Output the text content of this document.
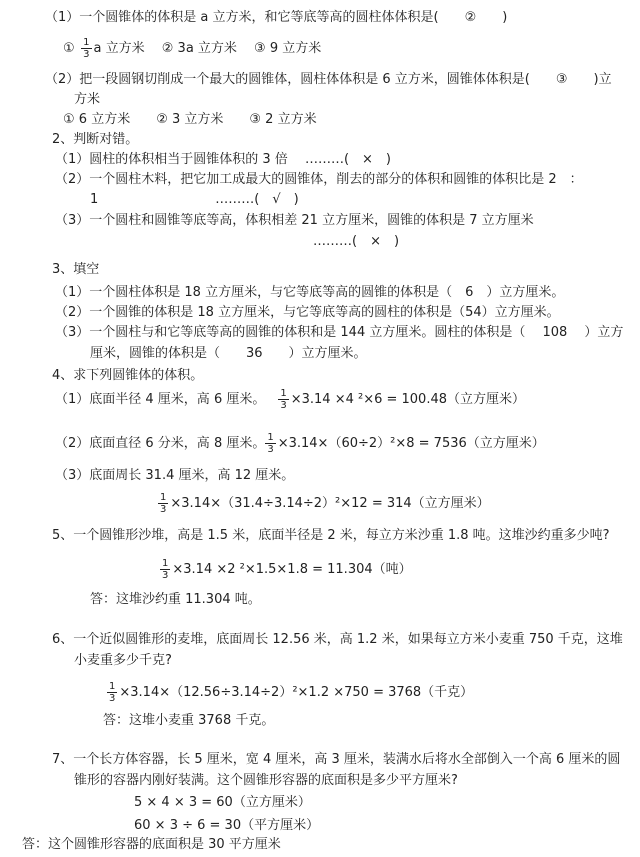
（1）一个圆锥体的体积是 a 立方米，和它等底等高的圆柱体体积是(　　②　　)
①  $\frac{1}{3}$ a 立方米　 ② 3a 立方米　 ③ 9 立方米
（2）把一段圆钢切削成一个最大的圆锥体，圆柱体体积是 6 立方米，圆锥体体积是(　　③　　)立
方米
① 6 立方米　　② 3 立方米　　③ 2 立方米
2、判断对错。
（1）圆柱的体积相当于圆锥体积的 3 倍　 ………(　×　)
（2）一个圆柱木料，把它加工成最大的圆锥体，削去的部分的体积和圆锥的体积比是 2　：
1　　　　　　　　　………(　√　)
（3）一个圆柱和圆锥等底等高，体积相差 21 立方厘米，圆锥的体积是 7 立方厘米
………(　×　)
3、填空
（1）一个圆柱体积是 18 立方厘米，与它等底等高的圆锥的体积是（　6　）立方厘米。
（2）一个圆锥的体积是 18 立方厘米，与它等底等高的圆柱的体积是（54）立方厘米。
（3）一个圆柱与和它等底等高的圆锥的体积和是 144 立方厘米。圆柱的体积是（　 108　 ）立方
厘米，圆锥的体积是（　　36　　）立方厘米。
4、求下列圆锥体的体积。
（1）底面半径 4 厘米，高 6 厘米。  $\frac{1}{3} \times 3.14 \times 4$ ²×6 = 100.48（立方厘米）
（2）底面直径 6 分米，高 8 厘米。 $\frac{1}{3} \times 3.14\times(60\div 2)^2\times 8 = 7536$（立方厘米）
（3）底面周长 31.4 厘米，高 12 厘米。
$\frac{1}{3} \times 3.14\times(31.4\div 3.14\div 2)^2\times 12 = 314$（立方厘米）
5、一个圆锥形沙堆，高是 1.5 米，底面半径是 2 米，每立方米沙重 1.8 吨。这堆沙约重多少吨?
$\frac{1}{3} \times 3.14 \times 2$ ²×1.5×1.8 = 11.304（吨）
答：这堆沙约重 11.304 吨。
6、一个近似圆锥形的麦堆，底面周长 12.56 米，高 1.2 米，如果每立方米小麦重 750 千克，这堆
小麦重多少千克?
$\frac{1}{3} \times 3.14\times(12.56\div 3.14\div 2)^2\times 1.2 \times 750 = 3768$（千克）
答：这堆小麦重 3768 千克。
7、一个长方体容器，长 5 厘米，宽 4 厘米，高 3 厘米，装满水后将水全部倒入一个高 6 厘米的圆
锥形的容器内刚好装满。这个圆锥形容器的底面积是多少平方厘米?
5 × 4 × 3 = 60（立方厘米）
60 × 3 ÷ 6 = 30（平方厘米）
答：这个圆锥形容器的底面积是 30 平方厘米
